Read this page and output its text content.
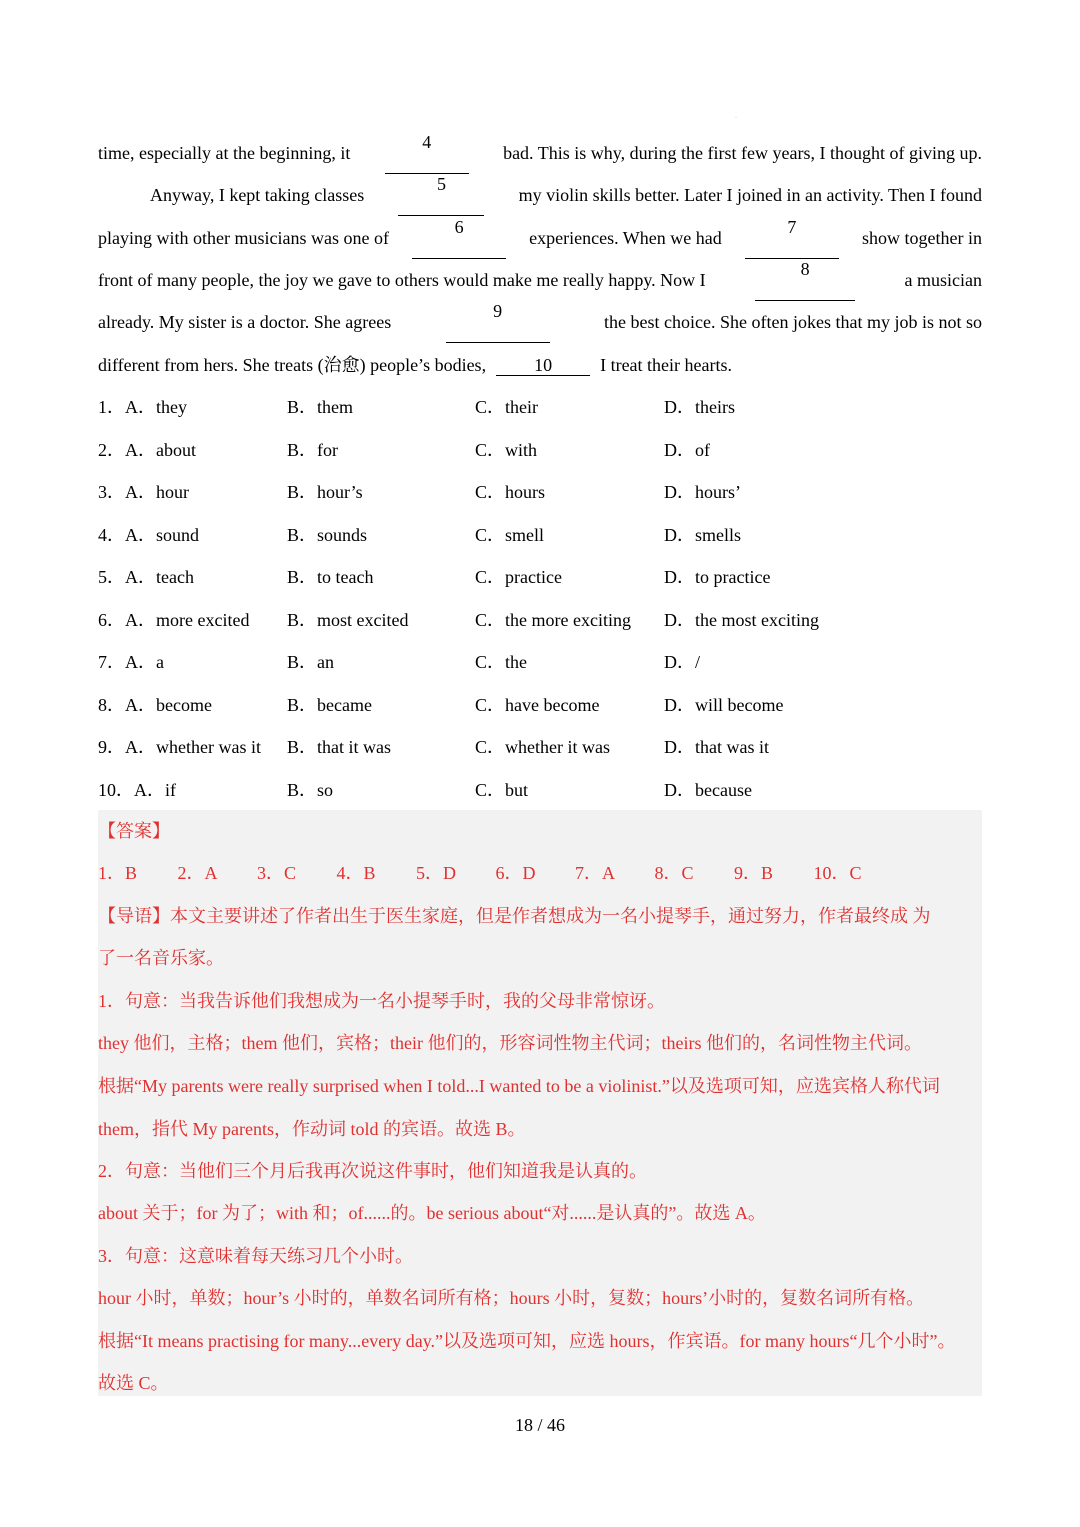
·
time, especially at the beginning, it
4
bad. This is why, during the first few years, I thought of giving up.
Anyway, I kept taking classes
5
my violin skills better. Later I joined in an activity. Then I found
playing with other musicians was one of
6
experiences. When we had
7
show together in
front of many people, the joy we gave to others would make me really happy. Now I
8
a musician
already. My sister is a doctor. She agrees
9
the best choice. She often jokes that my job is not so
different from hers. She treats (治愈) people’s bodies,	10	I treat their hearts.
1．A．they	B．them	C．their	D．theirs
2．A．about	B．for	C．with	D．of
3．A．hour	B．hour’s	C．hours	D．hours’
4．A．sound	B．sounds	C．smell	D．smells
5．A．teach	B．to teach	C．practice	D．to practice
6．A．more excited B．most excited	C．the more exciting D．the most exciting
7．A．a	B．an	C．the	D．/
8．A．become	B．became	C．have become	D．will become
9．A．whether was it B．that it was	C．whether it was	D．that was it
10．A．if	B．so	C．but	D．because
【答案】
1．B 2．A 3．C 4．B 5．D 6．D 7．A 8．C 9．B 10．C
【导语】本文主要讲述了作者出生于医生家庭，但是作者想成为一名小提琴手，通过努力，作者最终成 为
了一名音乐家。
1．句意：当我告诉他们我想成为一名小提琴手时，我的父母非常惊讶。
they 他们，主格；them 他们，宾格；their 他们的，形容词性物主代词；theirs 他们的，名词性物主代词。
根据“My parents were really surprised when I told...I wanted to be a violinist.”以及选项可知，应选宾格人称代词
them，指代 My parents，作动词 told 的宾语。故选 B。
2．句意：当他们三个月后我再次说这件事时，他们知道我是认真的。
about 关于；for 为了；with 和；of......的。be serious about“对......是认真的”。故选 A。
3．句意：这意味着每天练习几个小时。
hour 小时，单数；hour’s 小时的，单数名词所有格；hours 小时，复数；hours’小时的，复数名词所有格。
根据“It means practising for many...every day.”以及选项可知，应选 hours，作宾语。for many hours“几个小时”。
故选 C。
18 / 46
